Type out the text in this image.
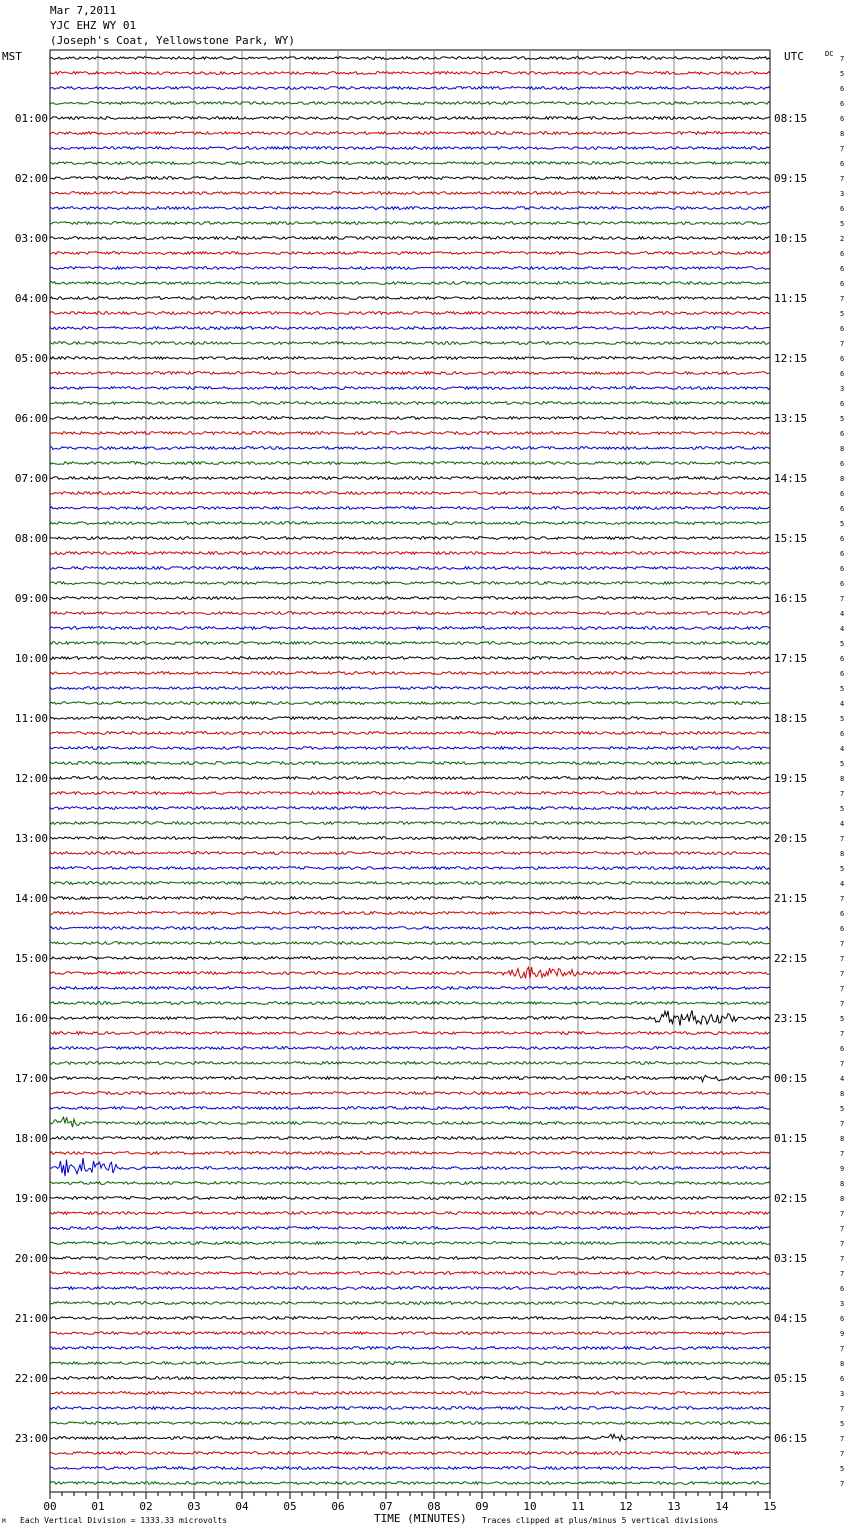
Mar 7,2011
YJC EHZ WY 01
(Joseph's Coat, Yellowstone Park, WY)
01:00	08:15
02:00	09:15
03:00	10:15
04:00	11:15
05:00	12:15
06:00	13:15
07:00	14:15
08:00	15:15
09:00	16:15
10:00	17:15
11:00	18:15
12:00	19:15
13:00	20:15
14:00	21:15
15:00	22:15
16:00	23:15
17:00	00:15
18:00	01:15
19:00	02:15
20:00	03:15
21:00	04:15
22:00	05:15
23:00	06:15
7
5
6
6
6
8
7
6
7
3
6
5
2
6
6
6
7
5
6
7
6
6
3
6
5
6
8
6
8
6
6
5
6
6
6
6
7
4
4
5
6
6
5
4
5
6
4
5
8
7
5
4
7
8
5
4
7
6
6
7
7
7
7
7
5
7
6
7
4
8
5
7
8
7
9
8
8
7
7
7
7
7
6
3
6
9
7
8
6
3
7
5
7
7
5
7
00	01	02	03	04	05	06	07	08	09	10	11	12	13	14	15
MST	UTC	DC
M Each Vertical Division = 1333.33 microvolts	TIME (MINUTES) Traces clipped at plus/minus 5 vertical divisions
